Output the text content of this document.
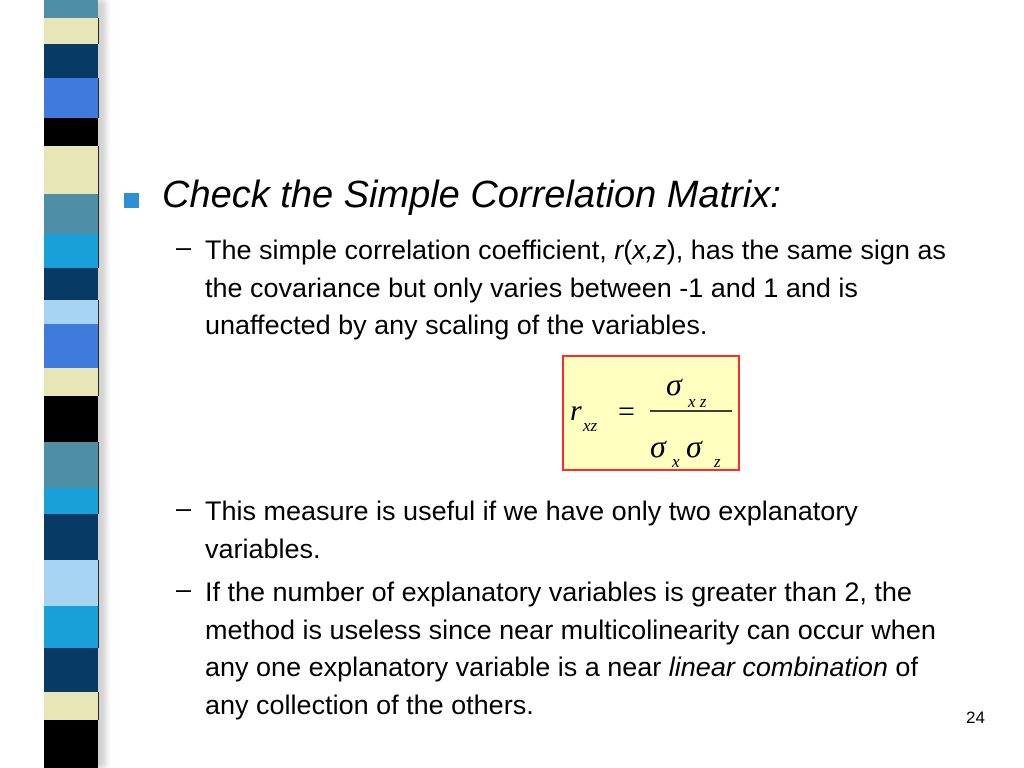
Check the Simple Correlation Matrix:
– The simple correlation coefficient, r(x,z), has the same sign as the covariance but only varies between -1 and 1 and is unaffected by any scaling of the variables.
r xz =
σ x z
σ x σ z
– This measure is useful if we have only two explanatory variables.
– If the number of explanatory variables is greater than 2, the method is useless since near multicolinearity can occur when any one explanatory variable is a near linear combination of any collection of the others.	24
